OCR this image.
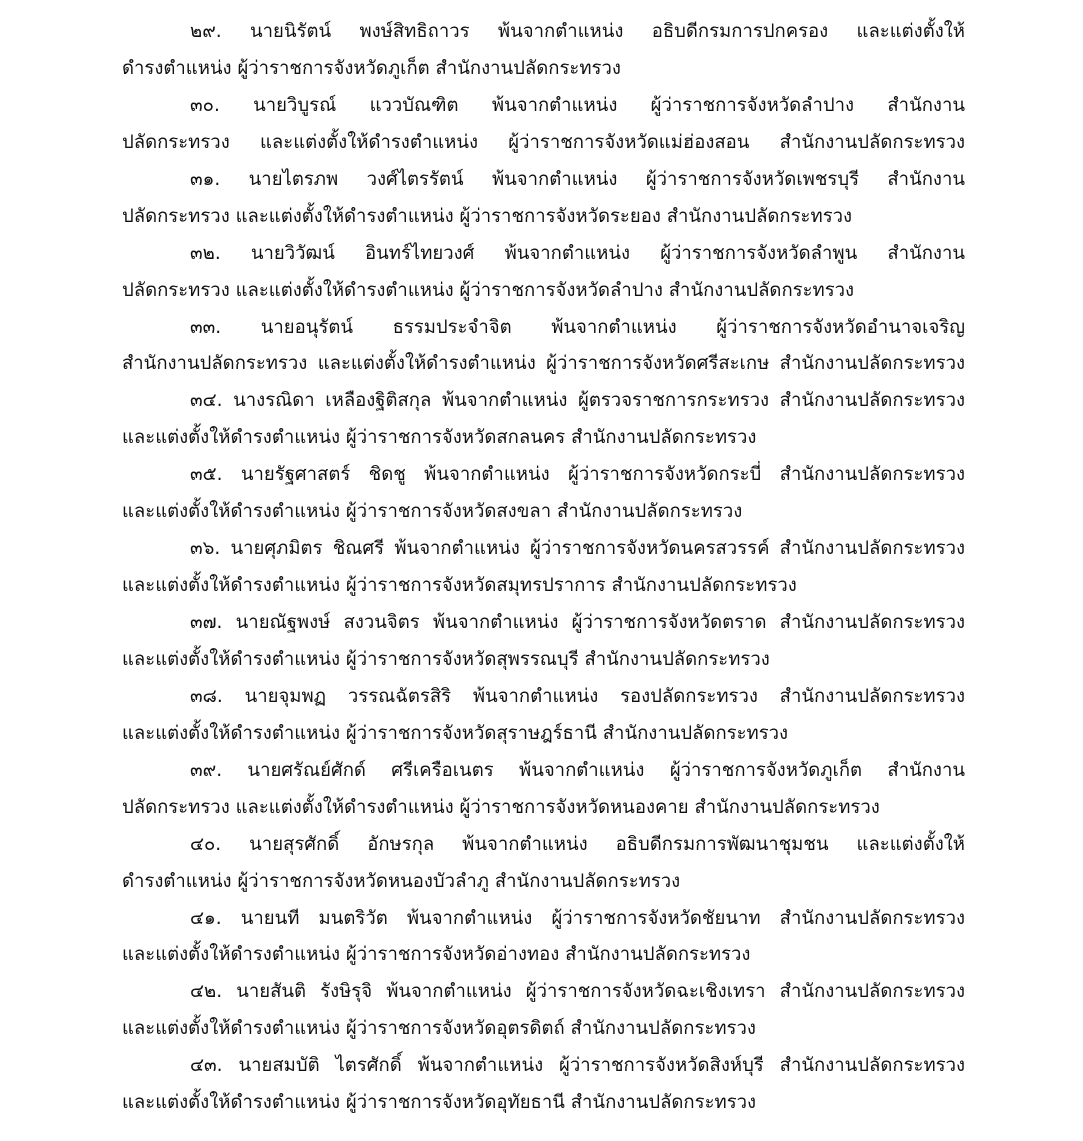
๒๙. นายนิรัตน์ พงษ์สิทธิถาวร พ้นจากตำแหน่ง อธิบดีกรมการปกครอง และแต่งตั้งให้
ดำรงตำแหน่ง ผู้ว่าราชการจังหวัดภูเก็ต สำนักงานปลัดกระทรวง
๓๐. นายวิบูรณ์ แววบัณฑิต พ้นจากตำแหน่ง ผู้ว่าราชการจังหวัดลำปาง สำนักงาน
ปลัดกระทรวง และแต่งตั้งให้ดำรงตำแหน่ง ผู้ว่าราชการจังหวัดแม่ฮ่องสอน สำนักงานปลัดกระทรวง
๓๑. นายไตรภพ วงศ์ไตรรัตน์ พ้นจากตำแหน่ง ผู้ว่าราชการจังหวัดเพชรบุรี สำนักงาน
ปลัดกระทรวง และแต่งตั้งให้ดำรงตำแหน่ง ผู้ว่าราชการจังหวัดระยอง สำนักงานปลัดกระทรวง
๓๒. นายวิวัฒน์ อินทร์ไทยวงศ์ พ้นจากตำแหน่ง ผู้ว่าราชการจังหวัดลำพูน สำนักงาน
ปลัดกระทรวง และแต่งตั้งให้ดำรงตำแหน่ง ผู้ว่าราชการจังหวัดลำปาง สำนักงานปลัดกระทรวง
๓๓. นายอนุรัตน์ ธรรมประจำจิต พ้นจากตำแหน่ง ผู้ว่าราชการจังหวัดอำนาจเจริญ
สำนักงานปลัดกระทรวง และแต่งตั้งให้ดำรงตำแหน่ง ผู้ว่าราชการจังหวัดศรีสะเกษ สำนักงานปลัดกระทรวง
๓๔. นางรณิดา เหลืองฐิติสกุล พ้นจากตำแหน่ง ผู้ตรวจราชการกระทรวง สำนักงานปลัดกระทรวง
และแต่งตั้งให้ดำรงตำแหน่ง ผู้ว่าราชการจังหวัดสกลนคร สำนักงานปลัดกระทรวง
๓๕. นายรัฐศาสตร์ ชิดชู พ้นจากตำแหน่ง ผู้ว่าราชการจังหวัดกระบี่ สำนักงานปลัดกระทรวง
และแต่งตั้งให้ดำรงตำแหน่ง ผู้ว่าราชการจังหวัดสงขลา สำนักงานปลัดกระทรวง
๓๖. นายศุภมิตร ชิณศรี พ้นจากตำแหน่ง ผู้ว่าราชการจังหวัดนครสวรรค์ สำนักงานปลัดกระทรวง
และแต่งตั้งให้ดำรงตำแหน่ง ผู้ว่าราชการจังหวัดสมุทรปราการ สำนักงานปลัดกระทรวง
๓๗. นายณัฐพงษ์ สงวนจิตร พ้นจากตำแหน่ง ผู้ว่าราชการจังหวัดตราด สำนักงานปลัดกระทรวง
และแต่งตั้งให้ดำรงตำแหน่ง ผู้ว่าราชการจังหวัดสุพรรณบุรี สำนักงานปลัดกระทรวง
๓๘. นายจุมพฏ วรรณฉัตรสิริ พ้นจากตำแหน่ง รองปลัดกระทรวง สำนักงานปลัดกระทรวง
และแต่งตั้งให้ดำรงตำแหน่ง ผู้ว่าราชการจังหวัดสุราษฎร์ธานี สำนักงานปลัดกระทรวง
๓๙. นายศรัณย์ศักด์ ศรีเครือเนตร พ้นจากตำแหน่ง ผู้ว่าราชการจังหวัดภูเก็ต สำนักงาน
ปลัดกระทรวง และแต่งตั้งให้ดำรงตำแหน่ง ผู้ว่าราชการจังหวัดหนองคาย สำนักงานปลัดกระทรวง
๔๐. นายสุรศักดิ์ อักษรกุล พ้นจากตำแหน่ง อธิบดีกรมการพัฒนาชุมชน และแต่งตั้งให้
ดำรงตำแหน่ง ผู้ว่าราชการจังหวัดหนองบัวลำภู สำนักงานปลัดกระทรวง
๔๑. นายนที มนตริวัต พ้นจากตำแหน่ง ผู้ว่าราชการจังหวัดชัยนาท สำนักงานปลัดกระทรวง
และแต่งตั้งให้ดำรงตำแหน่ง ผู้ว่าราชการจังหวัดอ่างทอง สำนักงานปลัดกระทรวง
๔๒. นายสันติ รังษิรุจิ พ้นจากตำแหน่ง ผู้ว่าราชการจังหวัดฉะเชิงเทรา สำนักงานปลัดกระทรวง
และแต่งตั้งให้ดำรงตำแหน่ง ผู้ว่าราชการจังหวัดอุตรดิตถ์ สำนักงานปลัดกระทรวง
๔๓. นายสมบัติ ไตรศักดิ์ พ้นจากตำแหน่ง ผู้ว่าราชการจังหวัดสิงห์บุรี สำนักงานปลัดกระทรวง
และแต่งตั้งให้ดำรงตำแหน่ง ผู้ว่าราชการจังหวัดอุทัยธานี สำนักงานปลัดกระทรวง
